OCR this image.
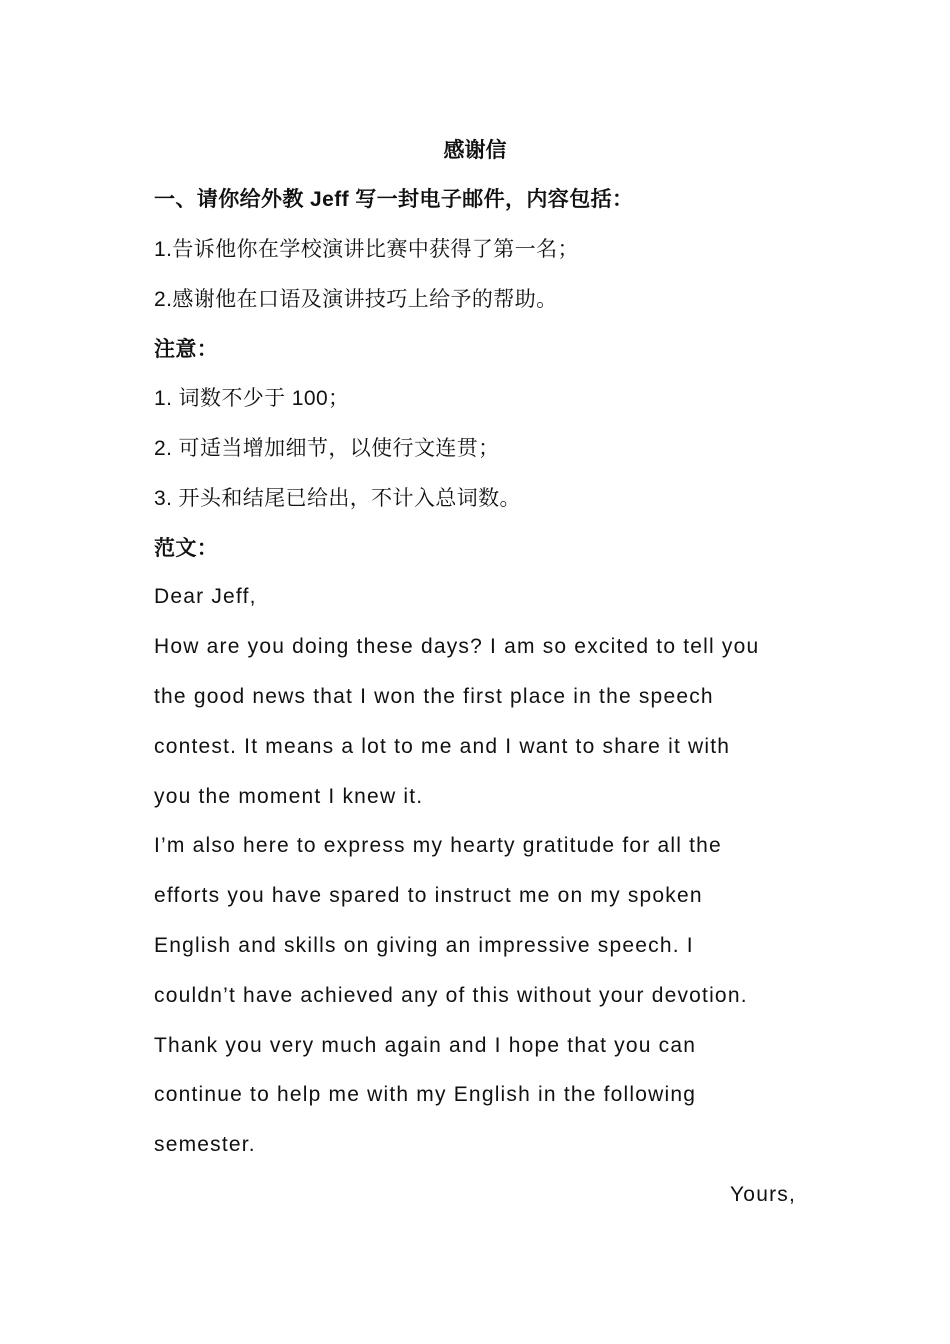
感谢信
一、请你给外教 Jeff 写一封电子邮件，内容包括：
1.告诉他你在学校演讲比赛中获得了第一名；
2.感谢他在口语及演讲技巧上给予的帮助。
注意：
1. 词数不少于 100；
2. 可适当增加细节，以使行文连贯；
3. 开头和结尾已给出，不计入总词数。
范文：
Dear Jeff,
How are you doing these days? I am so excited to tell you
the good news that I won the first place in the speech
contest. It means a lot to me and I want to share it with
you the moment I knew it.
I’m also here to express my hearty gratitude for all the
efforts you have spared to instruct me on my spoken
English and skills on giving an impressive speech. I
couldn’t have achieved any of this without your devotion.
Thank you very much again and I hope that you can
continue to help me with my English in the following
semester.
Yours,
